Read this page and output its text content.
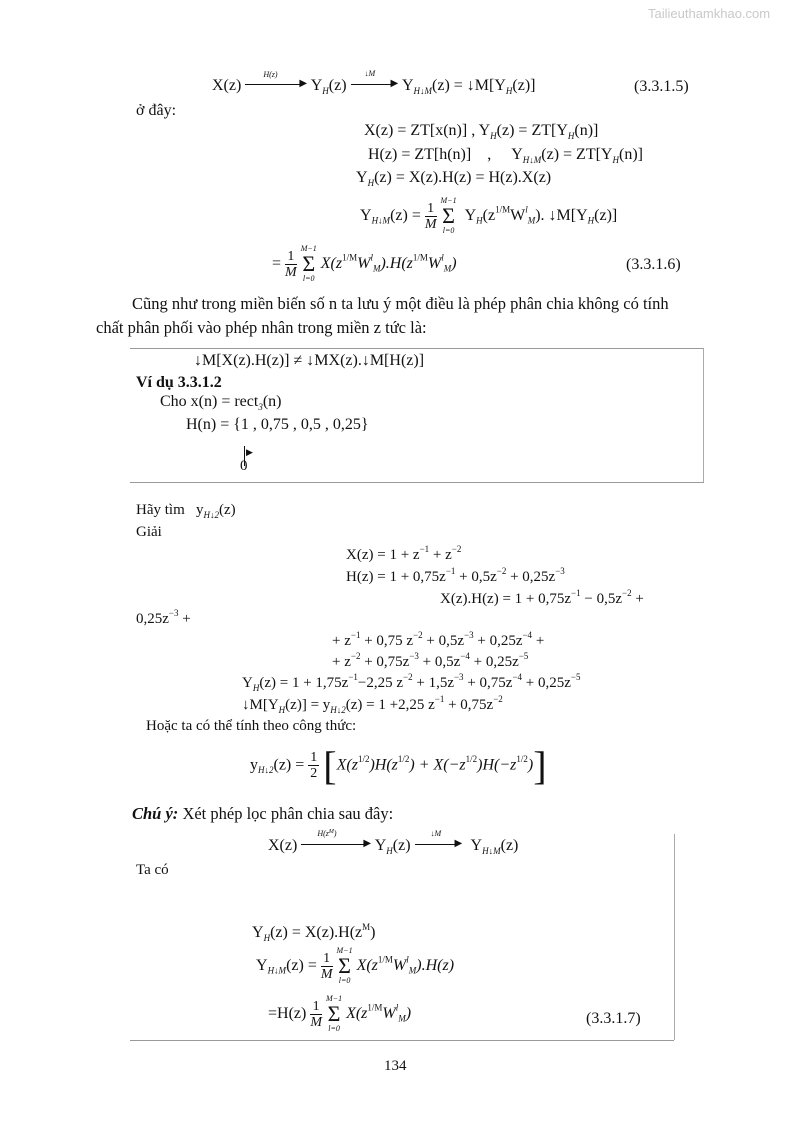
Tailieuthamkhao.com
X(z)
H(z)
▶ $Y_H(z)$
↓M
▶ $Y_{H↓M}(z)$ = $↓M[Y_H(z)]$	(3.3.1.5)
ở đây:
X(z) = ZT[x(n)] , $Y_H(z) = ZT[Y_H(n)]$
H(z) = ZT[h(n)] , $Y_{H↓M}(z) = ZT[Y_H(n)]$
$Y_H(z) = X(z).H(z) = H(z).X(z)$
$Y_{H↓M}(z) = \frac{1}{M}$
M−1
Σ
l=0
$Y_H(z^{1/M}W^l_M)$. $↓M[Y_H(z)]$
= $\frac{1}{M}$
M−1
Σ
l=0
$X(z^{1/M}W^l_M).H(z^{1/M}W^l_M)$	(3.3.1.6)
Cũng như trong miền biến số n ta lưu ý một điều là phép phân chia không có tính
chất phân phối vào phép nhân trong miền z tức là:
↓M[X(z).H(z)] ≠ ↓MX(z).↓M[H(z)]
Ví dụ 3.3.1.2
Cho x(n) = rect$_3$(n)
H(n) = {1 , 0,75 , 0,5 , 0,25}
▶
0
Hãy tìm $y_{H↓2}(z)$
Giải
$X(z) = 1 + z^{-1} + z^{-2}$
$H(z) = 1 + 0,75z^{-1} + 0,5z^{-2} + 0,25z^{-3}$
$X(z).H(z) = 1 + 0,75z^{-1} - 0,5z^{-2}$ +
$0,25z^{-3}$ +
+ $z^{-1} + 0,75$ $z^{-2} + 0,5z^{-3} + 0,25z^{-4}$ +
+ $z^{-2} + 0,75z^{-3} + 0,5z^{-4} + 0,25z^{-5}$
$Y_H(z) = 1 + 1,75z^{-1}-2,25$ $z^{-2} + 1,5z^{-3} + 0,75z^{-4} + 0,25z^{-5}$
$↓M[Y_H(z)] = y_{H↓2}(z) = 1 +2,25$ $z^{-1} + 0,75z^{-2}$
Hoặc ta có thể tính theo công thức:
$y_{H↓2}(z) = \frac{1}{2} [X(z^{1/2})H(z^{1/2}) + X(-z^{1/2})H(-z^{1/2})]$
Chú ý: Xét phép lọc phân chia sau đây:
X(z)
$H(z^M)$
▶ $Y_H(z)$
↓M
▶ $Y_{H↓M}(z)$
Ta có
$Y_H(z) = X(z).H(z^M)$
$Y_{H↓M}(z) = \frac{1}{M}$
M−1
Σ
l=0
$X(z^{1/M}W^l_M).H(z)$
$=H(z) \frac{1}{M}$
M−1
Σ
l=0
$X(z^{1/M}W^l_M)$	(3.3.1.7)
134
